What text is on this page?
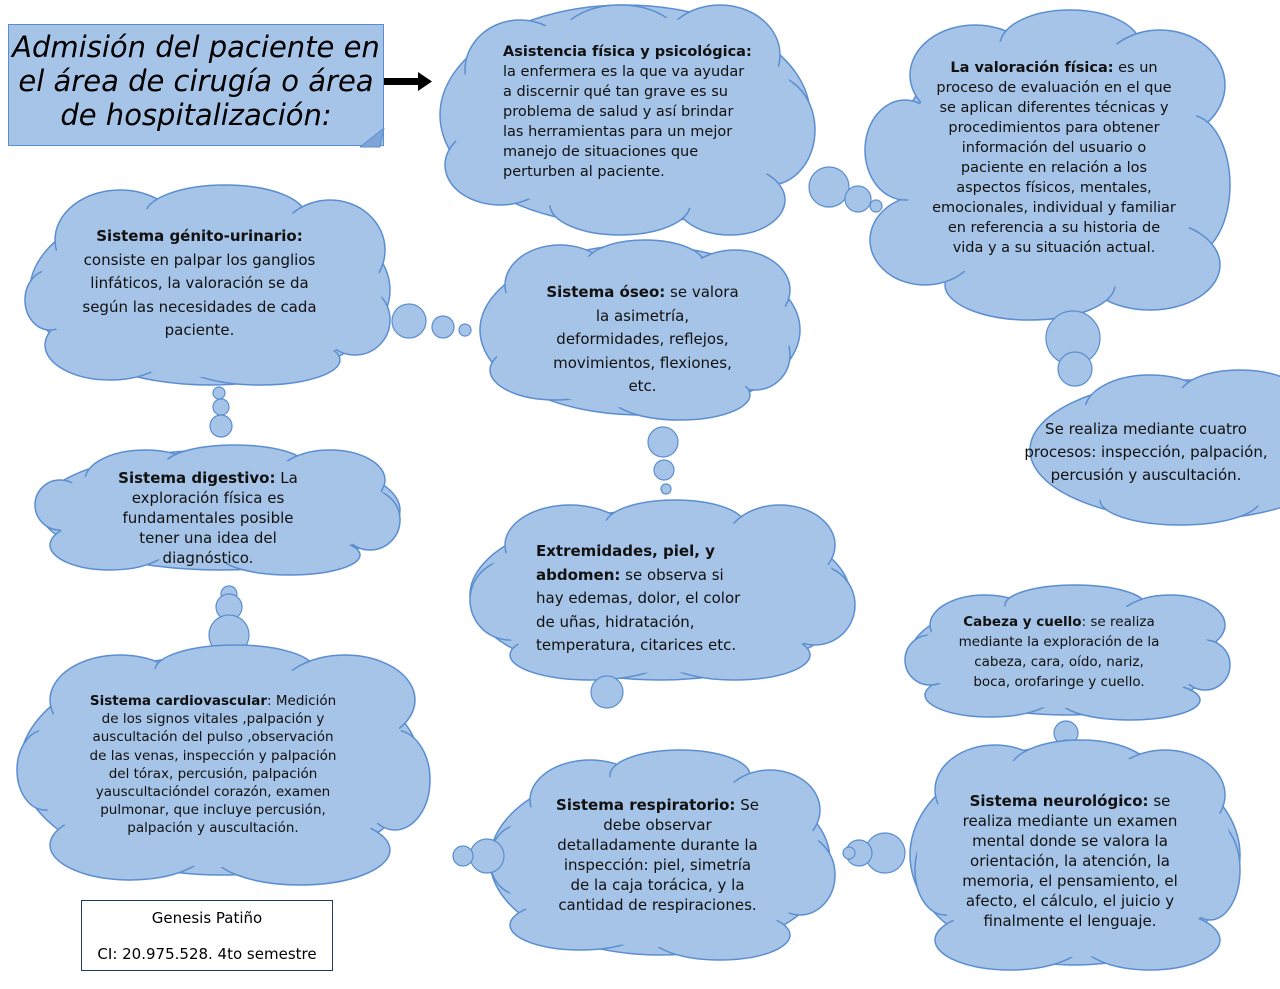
Admisión del paciente en el área de cirugía o área de hospitalización:
Asistencia física y psicológica: la enfermera es la que va ayudar a discernir qué tan grave es su problema de salud y así brindar las herramientas para un mejor manejo de situaciones que perturben al paciente.
La valoración física: es un proceso de evaluación en el que se aplican diferentes técnicas y procedimientos para obtener información del usuario o paciente en relación a los aspectos físicos, mentales, emocionales, individual y familiar en referencia a su historia de vida y a su situación actual.
Sistema génito-urinario: consiste en palpar los ganglios linfáticos, la valoración se da según las necesidades de cada paciente.
Sistema óseo: se valora la asimetría, deformidades, reflejos, movimientos, flexiones, etc.
Se realiza mediante cuatro procesos: inspección, palpación, percusión y auscultación.
Sistema digestivo: La exploración física es fundamentales posible tener una idea del diagnóstico.	Extremidades, piel, y abdomen: se observa si hay edemas, dolor, el color de uñas, hidratación, temperatura, citarices etc.
Cabeza y cuello: se realiza mediante la exploración de la cabeza, cara, oído, nariz, boca, orofaringe y cuello.
Sistema cardiovascular: Medición de los signos vitales ,palpación y auscultación del pulso ,observación de las venas, inspección y palpación del tórax, percusión, palpación yauscultacióndel corazón, examen pulmonar, que incluye percusión, palpación y auscultación.
Sistema respiratorio: Se debe observar detalladamente durante la inspección: piel, simetría de la caja torácica, y la cantidad de respiraciones.
Sistema neurológico: se realiza mediante un examen mental donde se valora la orientación, la atención, la memoria, el pensamiento, el afecto, el cálculo, el juicio y finalmente el lenguaje.
Genesis Patiño
CI: 20.975.528. 4to semestre
